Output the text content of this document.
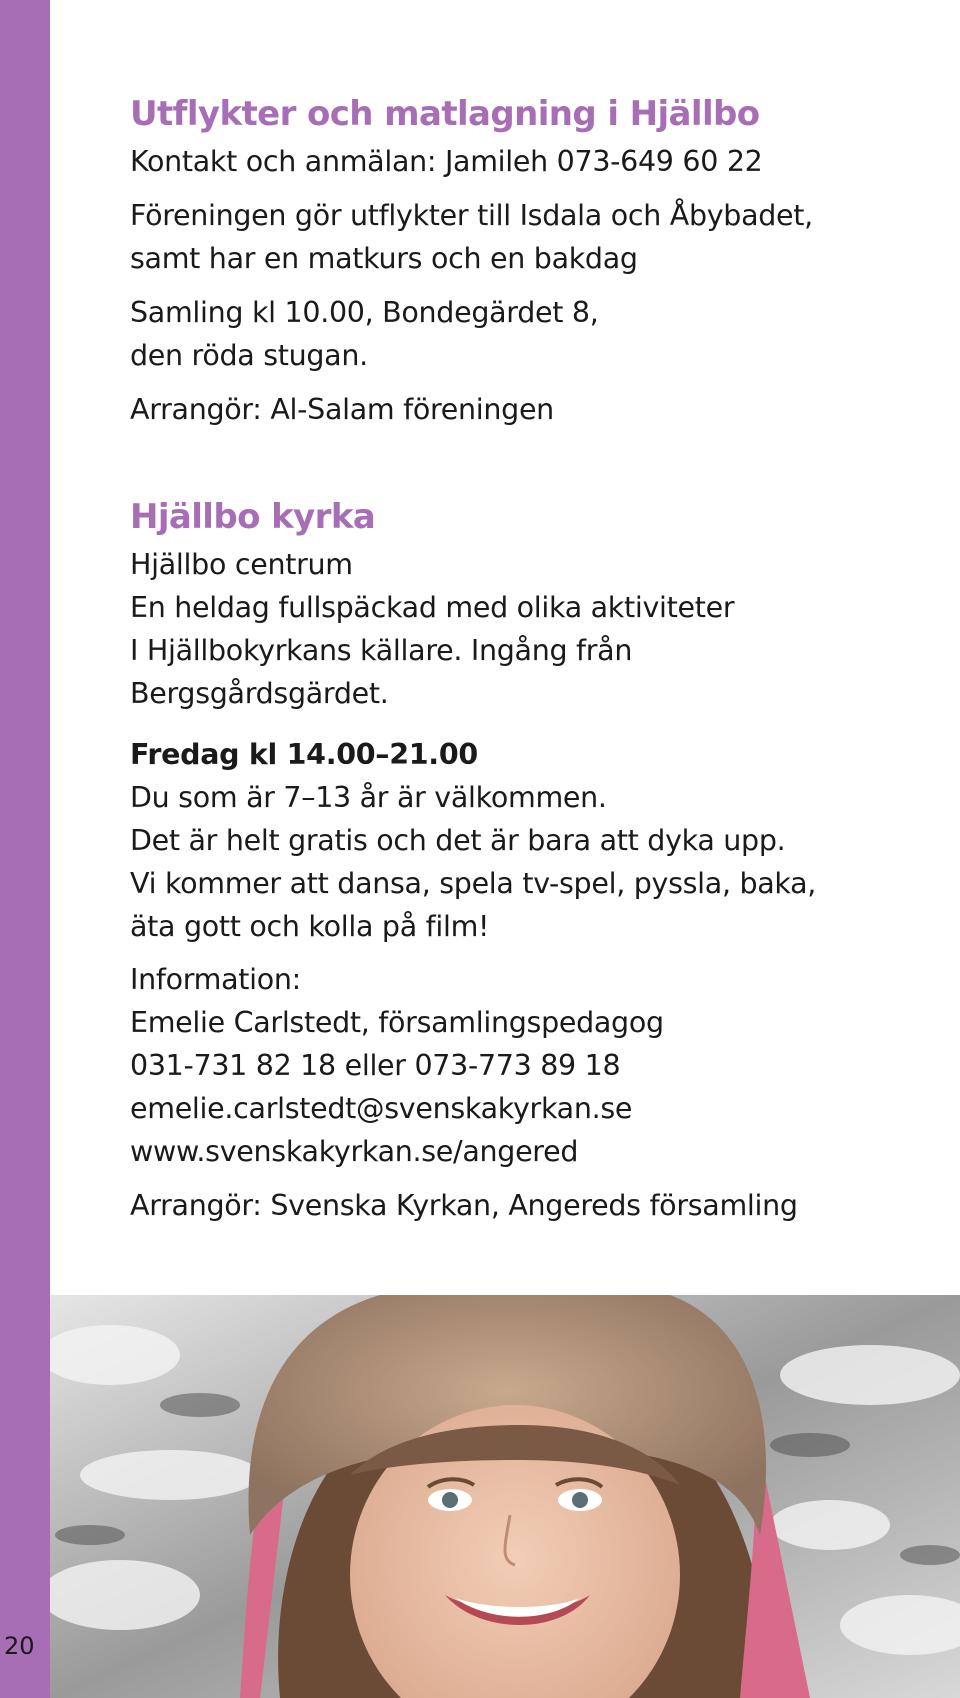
20
Utflykter och matlagning i Hjällbo
Kontakt och anmälan: Jamileh 073-649 60 22
Föreningen gör utflykter till Isdala och Åbybadet,
samt har en matkurs och en bakdag
Samling kl 10.00, Bondegärdet 8,
den röda stugan.
Arrangör: Al-Salam föreningen
Hjällbo kyrka
Hjällbo centrum
En heldag fullspäckad med olika aktiviteter
I Hjällbokyrkans källare. Ingång från
Bergsgårdsgärdet.
Fredag kl 14.00–21.00
Du som är 7–13 år är välkommen.
Det är helt gratis och det är bara att dyka upp.
Vi kommer att dansa, spela tv-spel, pyssla, baka,
äta gott och kolla på film!
Information:
Emelie Carlstedt, församlingspedagog
031-731 82 18 eller 073-773 89 18
emelie.carlstedt@svenskakyrkan.se
www.svenskakyrkan.se/angered
Arrangör: Svenska Kyrkan, Angereds församling
